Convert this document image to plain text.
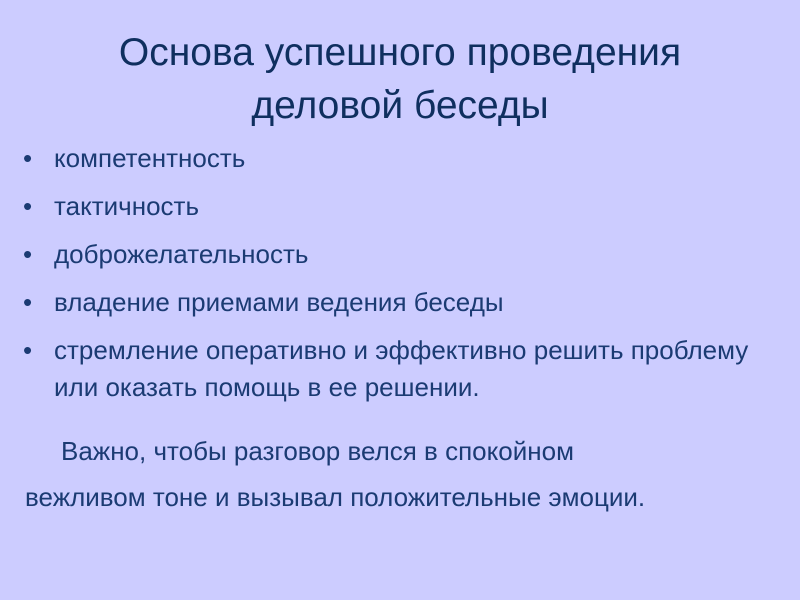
Основа успешного проведения
деловой беседы
• компетентность
• тактичность
• доброжелательность
• владение приемами ведения беседы
• стремление оперативно и эффективно решить проблему или оказать помощь в ее решении.

Важно, чтобы разговор велся в спокойном
вежливом тоне и вызывал положительные эмоции.
